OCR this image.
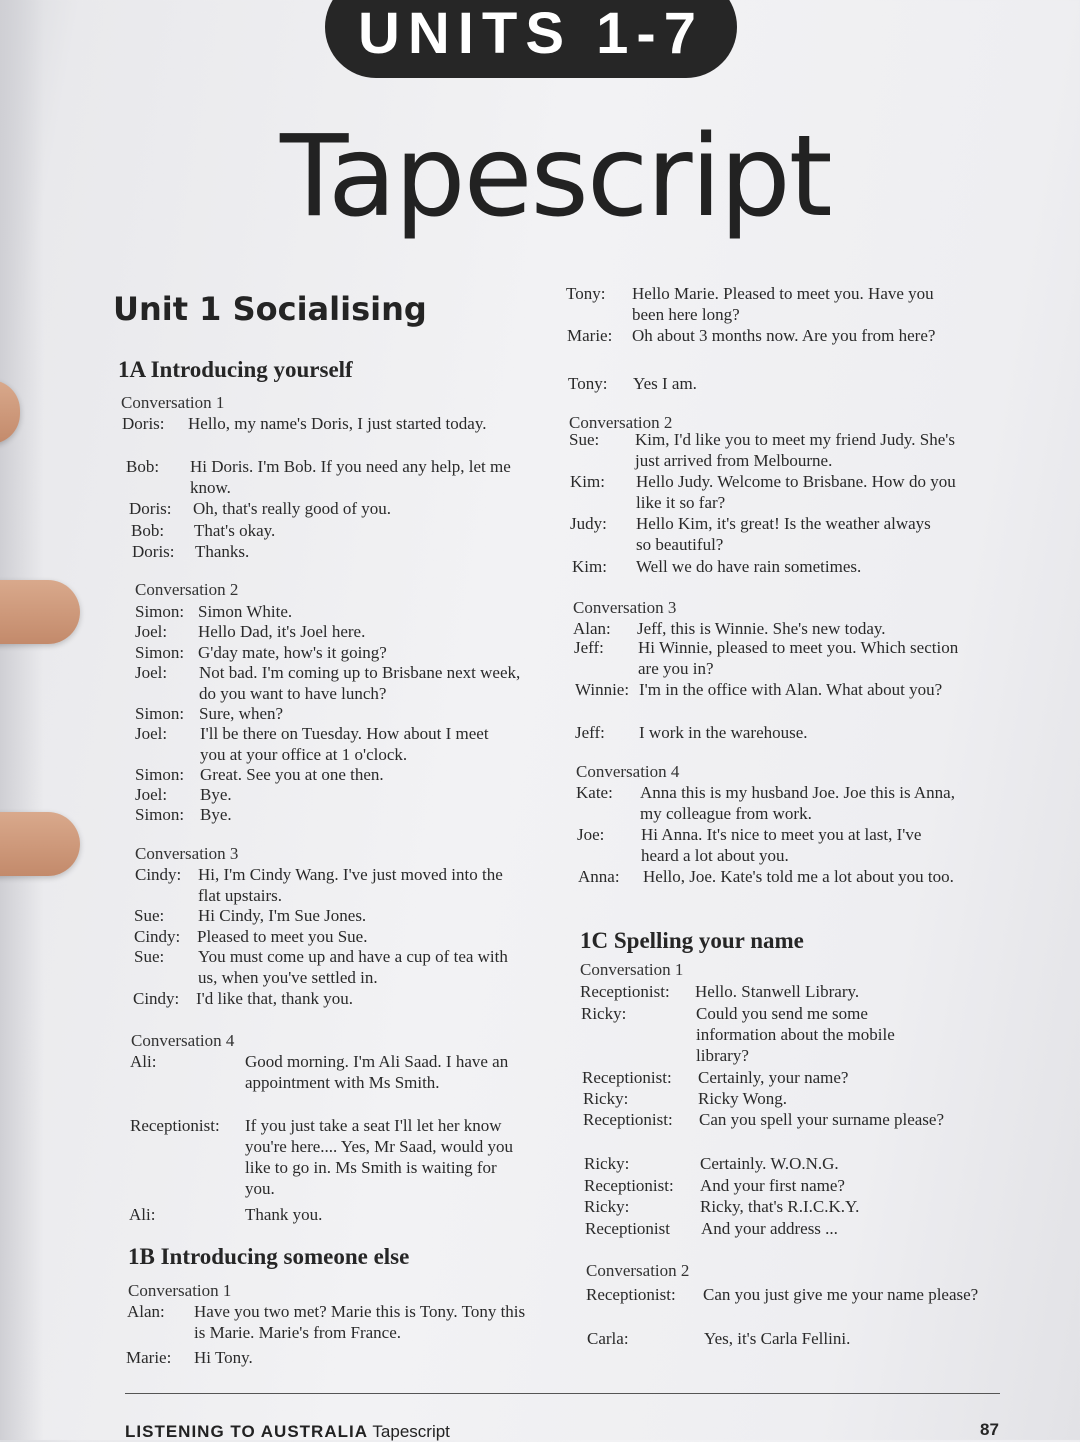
UNITS 1-7
Tapescript
Unit 1 Socialising
1A Introducing yourself
Conversation 1
Doris: Hello, my name's Doris, I just started today.
Bob: Hi Doris. I'm Bob. If you need any help, let me know.
Doris: Oh, that's really good of you.
Bob: That's okay.
Doris: Thanks.
Conversation 2
Simon: Simon White.
Joel: Hello Dad, it's Joel here.
Simon: G'day mate, how's it going?
Joel: Not bad. I'm coming up to Brisbane next week, do you want to have lunch?
Simon: Sure, when?
Joel: I'll be there on Tuesday. How about I meet you at your office at 1 o'clock.
Simon: Great. See you at one then.
Joel: Bye.
Simon: Bye.
Conversation 3
Cindy: Hi, I'm Cindy Wang. I've just moved into the flat upstairs.
Sue: Hi Cindy, I'm Sue Jones.
Cindy: Pleased to meet you Sue.
Sue: You must come up and have a cup of tea with us, when you've settled in.
Cindy: I'd like that, thank you.
Conversation 4
Ali:	Good morning. I'm Ali Saad. I have an appointment with Ms Smith.
Receptionist: If you just take a seat I'll let her know you're here.... Yes, Mr Saad, would you like to go in. Ms Smith is waiting for you.
Ali:	Thank you.
1B Introducing someone else
Conversation 1
Alan: Have you two met? Marie this is Tony. Tony this is Marie. Marie's from France.
Marie: Hi Tony.
Tony: Hello Marie. Pleased to meet you. Have you been here long?
Marie: Oh about 3 months now. Are you from here?
Tony: Yes I am.
Conversation 2
Sue: Kim, I'd like you to meet my friend Judy. She's just arrived from Melbourne.
Kim: Hello Judy. Welcome to Brisbane. How do you like it so far?
Judy: Hello Kim, it's great! Is the weather always so beautiful?
Kim: Well we do have rain sometimes.
Conversation 3
Alan: Jeff, this is Winnie. She's new today.
Jeff: Hi Winnie, pleased to meet you. Which section are you in?
Winnie: I'm in the office with Alan. What about you?
Jeff: I work in the warehouse.
Conversation 4
Kate: Anna this is my husband Joe. Joe this is Anna, my colleague from work.
Joe: Hi Anna. It's nice to meet you at last, I've heard a lot about you.
Anna: Hello, Joe. Kate's told me a lot about you too.
1C Spelling your name
Conversation 1
Receptionist: Hello. Stanwell Library.
Ricky:	Could you send me some information about the mobile library?
Receptionist: Certainly, your name?
Ricky:	Ricky Wong.
Receptionist: Can you spell your surname please?
Ricky:	Certainly. W.O.N.G.
Receptionist: And your first name?
Ricky:	Ricky, that's R.I.C.K.Y.
Receptionist And your address ...
Conversation 2
Receptionist: Can you just give me your name please?
Carla:	Yes, it's Carla Fellini.
LISTENING TO AUSTRALIA Tapescript	87
